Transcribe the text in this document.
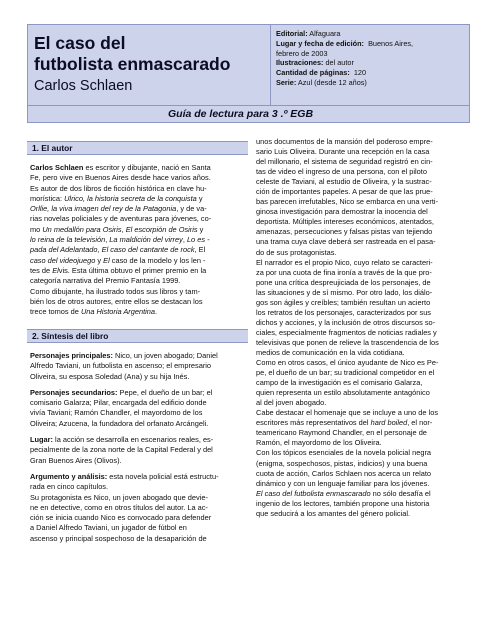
El caso del
futbolista enmascarado
Carlos Schlaen
Editorial: Alfaguara
Lugar y fecha de edición: Buenos Aires,
febrero de 2003
Ilustraciones: del autor
Cantidad de páginas: 120
Serie: Azul (desde 12 años)
Guía de lectura para 3 .º EGB
1. El autor
Carlos Schlaen es escritor y dibujante, nació en Santa
Fe, pero vive en Buenos Aires desde hace varios años.
Es autor de dos libros de ficción histórica en clave hu-
morística: Ulrico, la historia secreta de la conquista y
Orllie, la viva imagen del rey de la Patagonia, y de va-
rias novelas policiales y de aventuras para jóvenes, co-
mo Un medallón para Osiris, El escorpión de Osiris y
lo reina de la televisión, La maldición del virrey, Lo es -
pada del Adelantado, El caso del cantante de rock, El
caso del videojuego y El caso de la modelo y los len -
tes de Elvis. Esta última obtuvo el primer premio en la
categoría narrativa del Premio Fantasía 1999.
Como dibujante, ha ilustrado todos sus libros y tam-
bién los de otros autores, entre ellos se destacan los
trece tomos de Una Historia Argentina.
2. Síntesis del libro

Personajes principales: Nico, un joven abogado; Daniel
Alfredo Taviani, un futbolista en ascenso; el empresario
Oliveira, su esposa Soledad (Ana) y su hija Inés.

Personajes secundarios: Pepe, el dueño de un bar; el
comisario Galarza; Pilar, encargada del edificio donde
vivía Taviani; Ramón Chandler, el mayordomo de los
Oliveira; Azucena, la fundadora del orfanato Arcángeli.

Lugar: la acción se desarrolla en escenarios reales, es-
pecialmente de la zona norte de la Capital Federal y del
Gran Buenos Aires (Olivos).

Argumento y análisis: esta novela policial está estructu-
rada en cinco capítulos.
Su protagonista es Nico, un joven abogado que devie-
ne en detective, como en otros títulos del autor. La ac-
ción se inicia cuando Nico es convocado para defender
a Daniel Alfredo Taviani, un jugador de fútbol en
ascenso y principal sospechoso de la desaparición de

unos documentos de la mansión del poderoso empre-
sario Luis Oliveira. Durante una recepción en la casa
del millonario, el sistema de seguridad registró en cin-
tas de video el ingreso de una persona, con el piloto
celeste de Taviani, al estudio de Oliveira, y la sustrac-
ción de importantes papeles. A pesar de que las prue-
bas parecen irrefutables, Nico se embarca en una verti-
ginosa investigación para demostrar la inocencia del
deportista. Múltiples intereses económicos, atentados,
amenazas, persecuciones y falsas pistas van tejiendo
una trama cuya clave deberá ser rastreada en el pasa-
do de sus protagonistas.
El narrador es el propio Nico, cuyo relato se caracteri-
za por una cuota de fina ironía a través de la que pro-
pone una crítica despreujiciada de los personajes, de
las situaciones y de sí mismo. Por otro lado, los diálo-
gos son ágiles y creíbles; también resultan un acierto
los retratos de los personajes, caracterizados por sus
dichos y acciones, y la inclusión de otros discursos so-
ciales, especialmente fragmentos de noticias radiales y
televisivas que ponen de relieve la trascendencia de los
medios de comunicación en la vida cotidiana.
Como en otros casos, el único ayudante de Nico es Pe-
pe, el dueño de un bar; su tradicional competidor en el
campo de la investigación es el comisario Galarza,
quien representa un estilo absolutamente antagónico
al del joven abogado.
Cabe destacar el homenaje que se incluye a uno de los
escritores más representativos del hard boiled, el nor-
teamericano Raymond Chandler, en el personaje de
Ramón, el mayordomo de los Oliveira.
Con los tópicos esenciales de la novela policial negra
(enigma, sospechosos, pistas, indicios) y una buena
cuota de acción, Carlos Schlaen nos acerca un relato
dinámico y con un lenguaje familiar para los jóvenes.
El caso del futbolista enmascarado no sólo desafía el
ingenio de los lectores, también propone una historia
que seducirá a los amantes del género policial.
